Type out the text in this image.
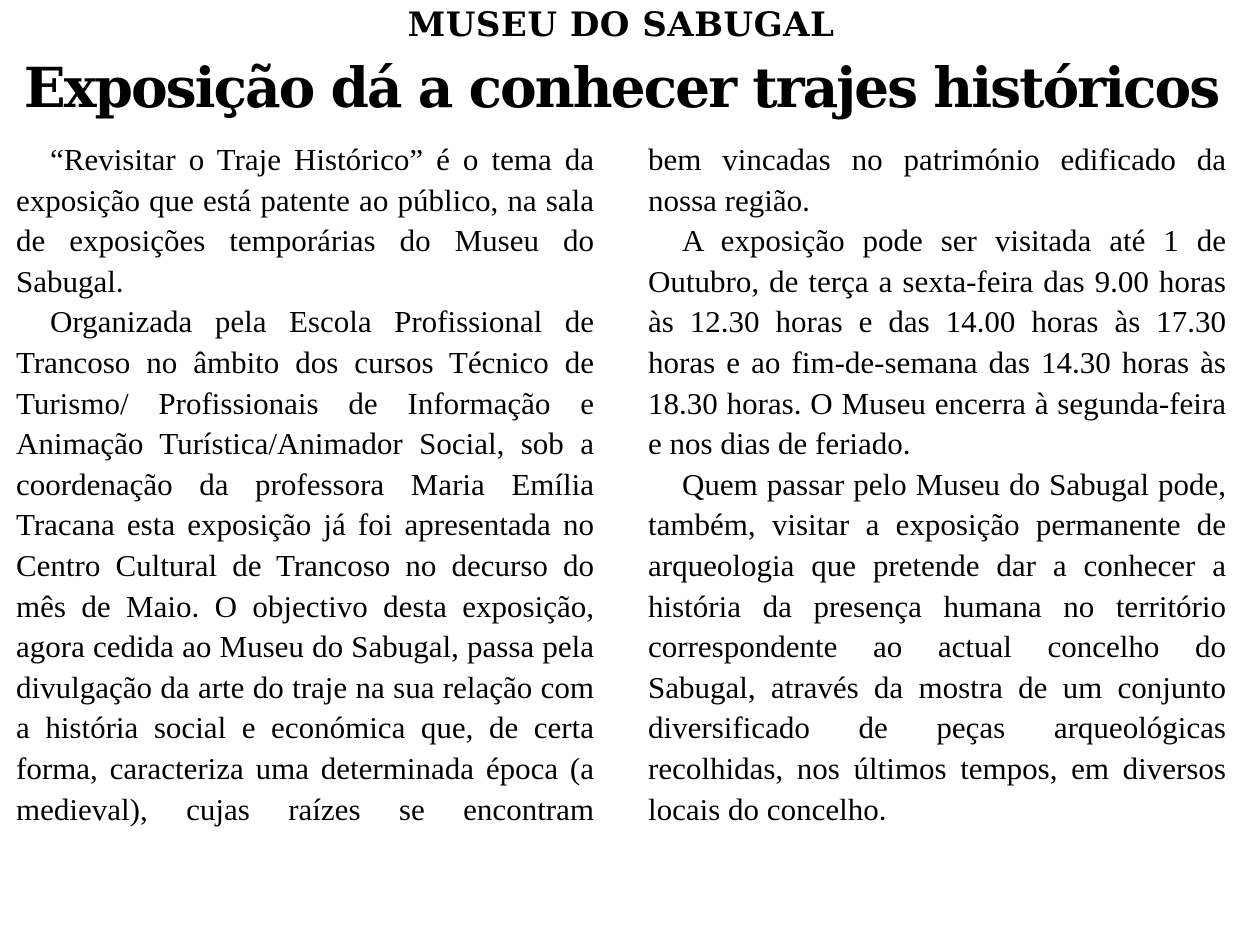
MUSEU DO SABUGAL
Exposição dá a conhecer trajes históricos

“Revisitar o Traje Histórico” é o tema da exposição que está patente ao público, na sala de exposições temporárias do Museu do Sabugal.

Organizada pela Escola Profissional de Trancoso no âmbito dos cursos Técnico de Turismo/ Profissionais de Informação e Animação Turística/Animador Social, sob a coordenação da professora Maria Emília Tracana esta exposição já foi apresentada no Centro Cultural de Trancoso no decurso do mês de Maio. O objectivo desta exposição, agora cedida ao Museu do Sabugal, passa pela divulgação da arte do traje na sua relação com a história social e económica que, de certa forma, caracteriza uma determinada época (a medieval), cujas raízes se encontram

bem vincadas no património edificado da nossa região.

A exposição pode ser visitada até 1 de Outubro, de terça a sexta-feira das 9.00 horas às 12.30 horas e das 14.00 horas às 17.30 horas e ao fim-de-semana das 14.30 horas às 18.30 horas. O Museu encerra à segunda-feira e nos dias de feriado.

Quem passar pelo Museu do Sabugal pode, também, visitar a exposição permanente de arqueologia que pretende dar a conhecer a história da presença humana no território correspondente ao actual concelho do Sabugal, através da mostra de um conjunto diversificado de peças arqueológicas recolhidas, nos últimos tempos, em diversos locais do concelho.
